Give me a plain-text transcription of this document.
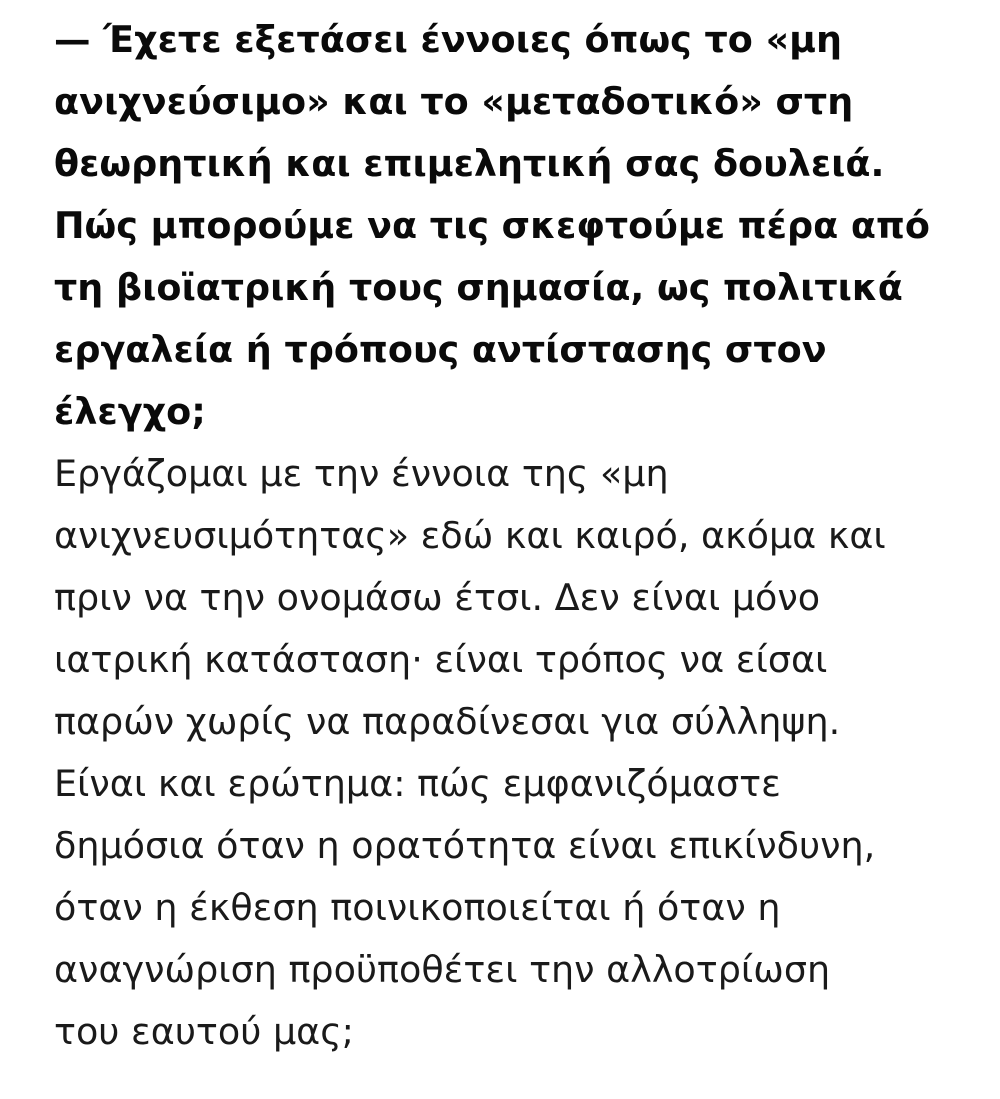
— Έχετε εξετάσει έννοιες όπως το «μη

ανιχνεύσιμο» και το «μεταδοτικό» στη

θεωρητική και επιμελητική σας δουλειά.

Πώς μπορούμε να τις σκεφτούμε πέρα από

τη βιοϊατρική τους σημασία, ως πολιτικά

εργαλεία ή τρόπους αντίστασης στον

έλεγχο;

Εργάζομαι με την έννοια της «μη

ανιχνευσιμότητας» εδώ και καιρό, ακόμα και

πριν να την ονομάσω έτσι. Δεν είναι μόνο

ιατρική κατάσταση· είναι τρόπος να είσαι

παρών χωρίς να παραδίνεσαι για σύλληψη.

Είναι και ερώτημα: πώς εμφανιζόμαστε

δημόσια όταν η ορατότητα είναι επικίνδυνη,

όταν η έκθεση ποινικοποιείται ή όταν η

αναγνώριση προϋποθέτει την αλλοτρίωση

του εαυτού μας;
